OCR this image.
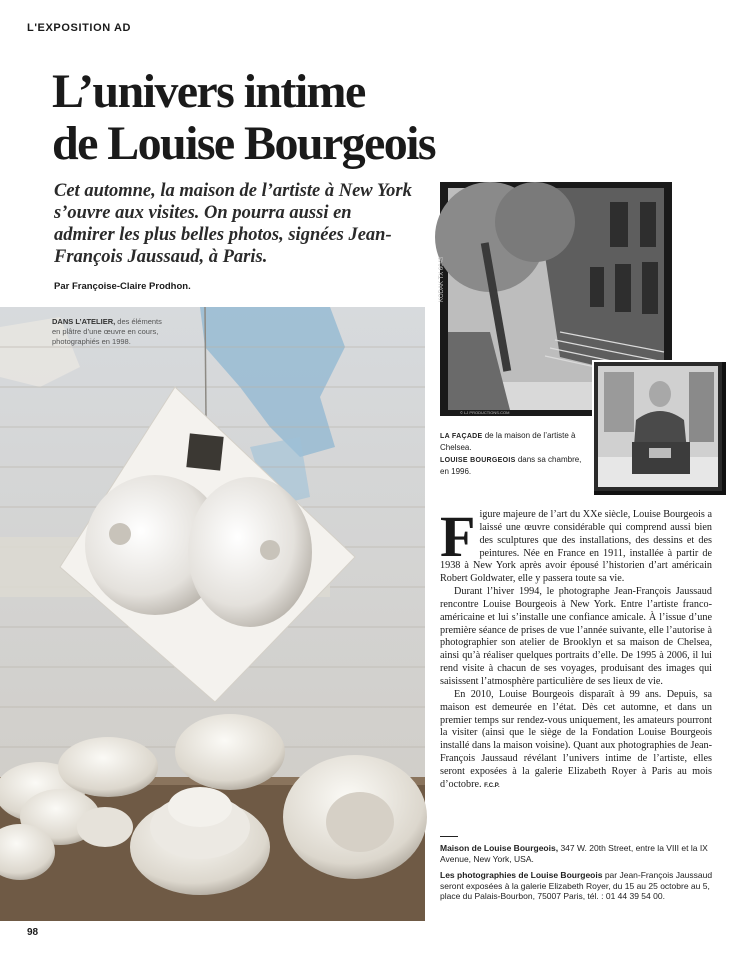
L'EXPOSITION AD
L’univers intime
de Louise Bourgeois
Cet automne, la maison de l’artiste à New York s’ouvre aux visites. On pourra aussi en admirer les plus belles photos, signées Jean-François Jaussaud, à Paris.
Par Françoise-Claire Prodhon.
DANS L’ATELIER, des éléments en plâtre d’une œuvre en cours, photographiés en 1998.
KODAK TX 6043
© LJ PRODUCTIONS.COM
LA FAÇADE de la maison de l’artiste à Chelsea.
LOUISE BOURGEOIS dans sa chambre, en 1996.

Figure majeure de l’art du XXe siècle, Louise Bourgeois a laissé une œuvre considérable qui comprend aussi bien des sculptures que des installations, des dessins et des peintures. Née en France en 1911, installée à partir de 1938 à New York après avoir épousé l’historien d’art américain Robert Goldwater, elle y passera toute sa vie.

Durant l’hiver 1994, le photographe Jean-François Jaussaud rencontre Louise Bourgeois à New York. Entre l’artiste franco-américaine et lui s’installe une confiance amicale. À l’issue d’une première séance de prises de vue l’année suivante, elle l’autorise à photographier son atelier de Brooklyn et sa maison de Chelsea, ainsi qu’à réaliser quelques portraits d’elle. De 1995 à 2006, il lui rend visite à chacun de ses voyages, produisant des images qui saisissent l’atmosphère particulière de ses lieux de vie.

En 2010, Louise Bourgeois disparaît à 99 ans. Depuis, sa maison est demeurée en l’état. Dès cet automne, et dans un premier temps sur rendez-vous uniquement, les amateurs pourront la visiter (ainsi que le siège de la Fondation Louise Bourgeois installé dans la maison voisine). Quant aux photographies de Jean-François Jaussaud révélant l’univers intime de l’artiste, elles seront exposées à la galerie Elizabeth Royer à Paris au mois d’octobre. F.C.P.

Maison de Louise Bourgeois, 347 W. 20th Street, entre la VIII et la IX Avenue, New York, USA.

Les photographies de Louise Bourgeois par Jean-François Jaussaud seront exposées à la galerie Elizabeth Royer, du 15 au 25 octobre au 5, place du Palais-Bourbon, 75007 Paris, tél. : 01 44 39 54 00.

98
